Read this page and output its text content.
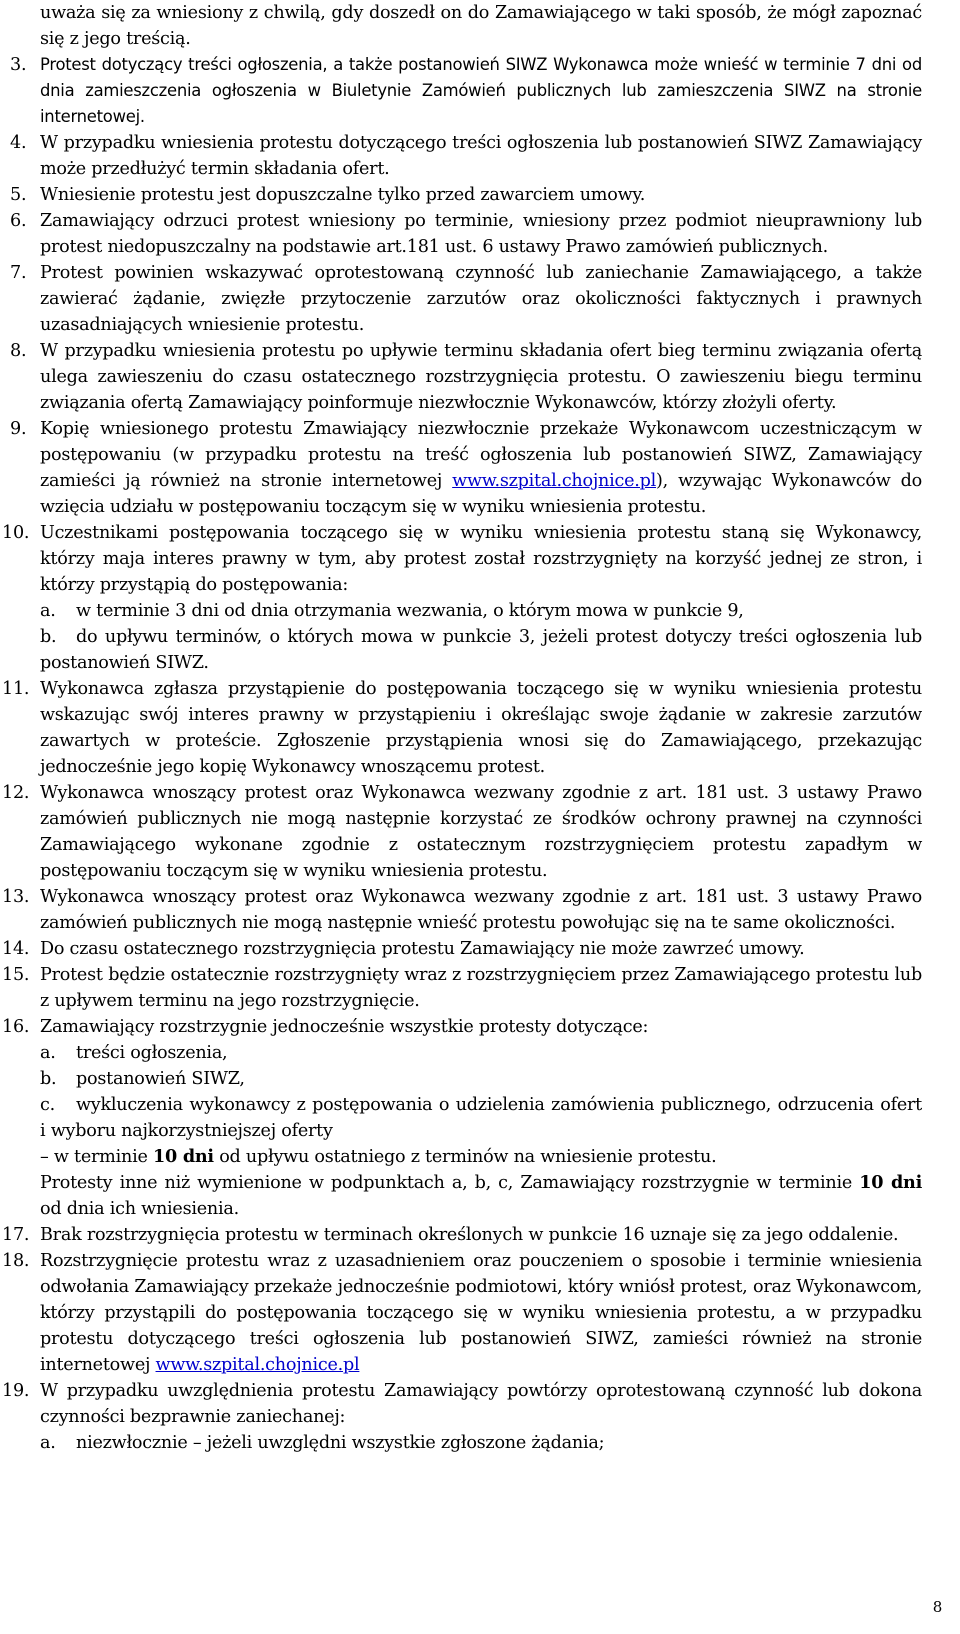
uważa się za wniesiony z chwilą, gdy doszedł on do Zamawiającego w taki sposób, że mógł zapoznać się z jego treścią.
3. Protest dotyczący treści ogłoszenia, a także postanowień SIWZ Wykonawca może wnieść w terminie 7 dni od dnia zamieszczenia ogłoszenia w Biuletynie Zamówień publicznych lub zamieszczenia SIWZ na stronie internetowej.
4. W przypadku wniesienia protestu dotyczącego treści ogłoszenia lub postanowień SIWZ Zamawiający może przedłużyć termin składania ofert.
5. Wniesienie protestu jest dopuszczalne tylko przed zawarciem umowy.
6. Zamawiający odrzuci protest wniesiony po terminie, wniesiony przez podmiot nieuprawniony lub protest niedopuszczalny na podstawie art.181 ust. 6 ustawy Prawo zamówień publicznych.
7. Protest powinien wskazywać oprotestowaną czynność lub zaniechanie Zamawiającego, a także zawierać żądanie, zwięzłe przytoczenie zarzutów oraz okoliczności faktycznych i prawnych uzasadniających wniesienie protestu.
8. W przypadku wniesienia protestu po upływie terminu składania ofert bieg terminu związania ofertą ulega zawieszeniu do czasu ostatecznego rozstrzygnięcia protestu. O zawieszeniu biegu terminu związania ofertą Zamawiający poinformuje niezwłocznie Wykonawców, którzy złożyli oferty.
9. Kopię wniesionego protestu Zmawiający niezwłocznie przekaże Wykonawcom uczestniczącym w postępowaniu (w przypadku protestu na treść ogłoszenia lub postanowień SIWZ, Zamawiający zamieści ją również na stronie internetowej www.szpital.chojnice.pl), wzywając Wykonawców do wzięcia udziału w postępowaniu toczącym się w wyniku wniesienia protestu.
10. Uczestnikami postępowania toczącego się w wyniku wniesienia protestu staną się Wykonawcy, którzy maja interes prawny w tym, aby protest został rozstrzygnięty na korzyść jednej ze stron, i którzy przystąpią do postępowania:
a. w terminie 3 dni od dnia otrzymania wezwania, o którym mowa w punkcie 9,
b. do upływu terminów, o których mowa w punkcie 3, jeżeli protest dotyczy treści ogłoszenia lub postanowień SIWZ.
11. Wykonawca zgłasza przystąpienie do postępowania toczącego się w wyniku wniesienia protestu wskazując swój interes prawny w przystąpieniu i określając swoje żądanie w zakresie zarzutów zawartych w proteście. Zgłoszenie przystąpienia wnosi się do Zamawiającego, przekazując jednocześnie jego kopię Wykonawcy wnoszącemu protest.
12. Wykonawca wnoszący protest oraz Wykonawca wezwany zgodnie z art. 181 ust. 3 ustawy Prawo zamówień publicznych nie mogą następnie korzystać ze środków ochrony prawnej na czynności Zamawiającego wykonane zgodnie z ostatecznym rozstrzygnięciem protestu zapadłym w postępowaniu toczącym się w wyniku wniesienia protestu.
13. Wykonawca wnoszący protest oraz Wykonawca wezwany zgodnie z art. 181 ust. 3 ustawy Prawo zamówień publicznych nie mogą następnie wnieść protestu powołując się na te same okoliczności.
14. Do czasu ostatecznego rozstrzygnięcia protestu Zamawiający nie może zawrzeć umowy.
15. Protest będzie ostatecznie rozstrzygnięty wraz z rozstrzygnięciem przez Zamawiającego protestu lub z upływem terminu na jego rozstrzygnięcie.
16. Zamawiający rozstrzygnie jednocześnie wszystkie protesty dotyczące:
a. treści ogłoszenia,
b. postanowień SIWZ,
c. wykluczenia wykonawcy z postępowania o udzielenia zamówienia publicznego, odrzucenia ofert i wyboru najkorzystniejszej oferty
– w terminie 10 dni od upływu ostatniego z terminów na wniesienie protestu.
Protesty inne niż wymienione w podpunktach a, b, c, Zamawiający rozstrzygnie w terminie 10 dni od dnia ich wniesienia.
17. Brak rozstrzygnięcia protestu w terminach określonych w punkcie 16 uznaje się za jego oddalenie.
18. Rozstrzygnięcie protestu wraz z uzasadnieniem oraz pouczeniem o sposobie i terminie wniesienia odwołania Zamawiający przekaże jednocześnie podmiotowi, który wniósł protest, oraz Wykonawcom, którzy przystąpili do postępowania toczącego się w wyniku wniesienia protestu, a w przypadku protestu dotyczącego treści ogłoszenia lub postanowień SIWZ, zamieści również na stronie internetowej www.szpital.chojnice.pl
19. W przypadku uwzględnienia protestu Zamawiający powtórzy oprotestowaną czynność lub dokona czynności bezprawnie zaniechanej:
a. niezwłocznie – jeżeli uwzględni wszystkie zgłoszone żądania;
8
